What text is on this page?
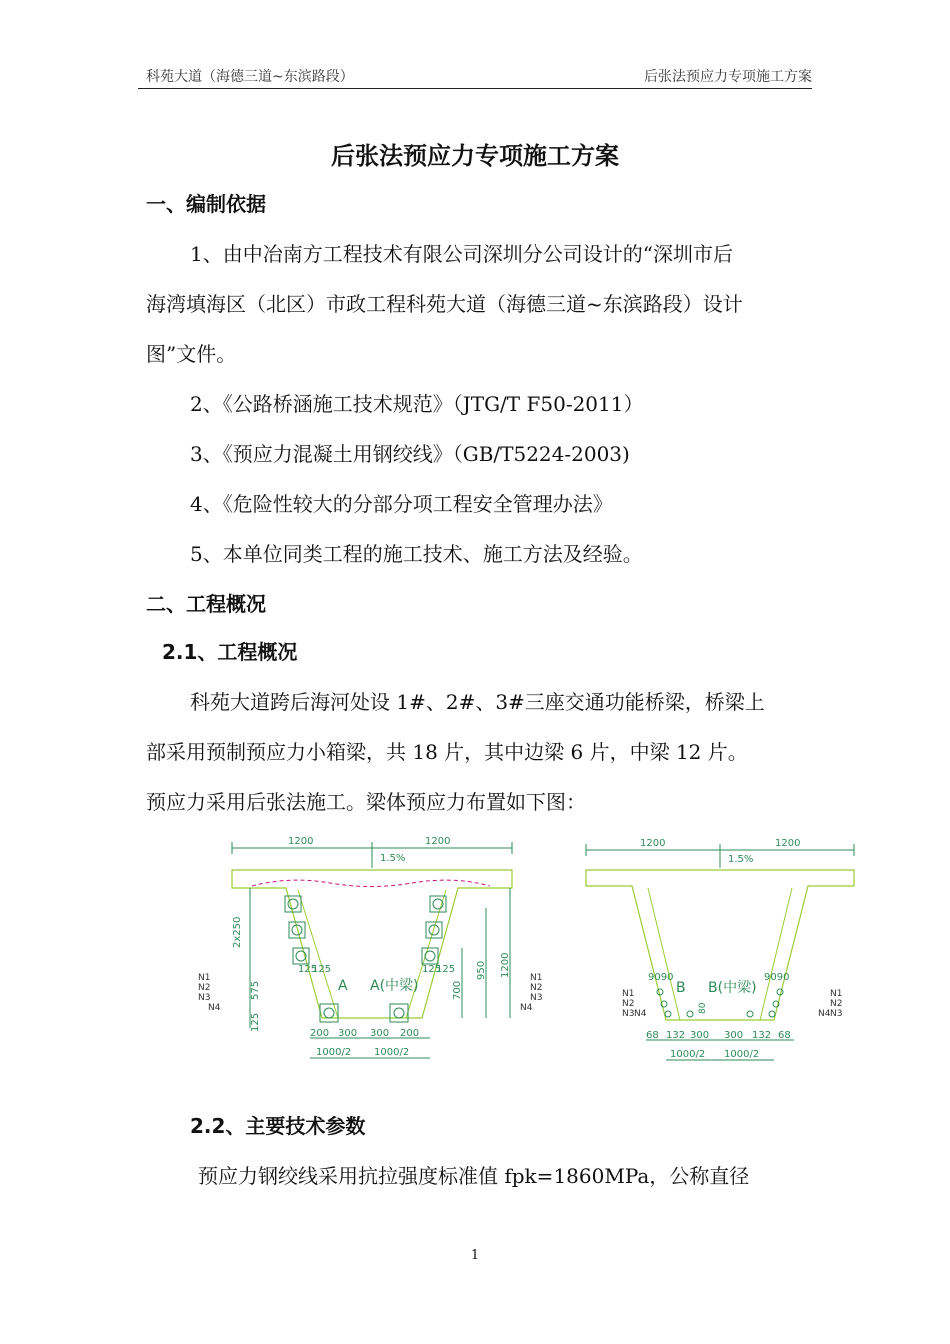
科苑大道（海德三道~东滨路段）	后张法预应力专项施工方案
后张法预应力专项施工方案
一、编制依据
1、由中冶南方工程技术有限公司深圳分公司设计的“深圳市后
海湾填海区（北区）市政工程科苑大道（海德三道~东滨路段）设计
图”文件。
2、《公路桥涵施工技术规范》（JTG/T F50-2011）
3、《预应力混凝土用钢绞线》（GB/T5224-2003)
4、《危险性较大的分部分项工程安全管理办法》
5、本单位同类工程的施工技术、施工方法及经验。
二、工程概况
2.1、工程概况
科苑大道跨后海河处设 1#、2#、3#三座交通功能桥梁，桥梁上
部采用预制预应力小箱梁，共 18 片，其中边梁 6 片，中梁 12 片。
预应力采用后张法施工。梁体预应力布置如下图：
1200	1200
1.5%
2x250
575
125
125
125	125
125
A A(中梁)	700
950 1200
200 300 300 200
1000/2 1000/2
N1
N2
N3
N4
N1
N2
N3
N4
1200	1200
1.5%
9090	9090
B B(中梁)
80
68 132 300 300 132 68
1000/2 1000/2
N1
N2
N3 N4
N1
N2
N3
N4
2.2、主要技术参数
预应力钢绞线采用抗拉强度标准值 fpk=1860MPa，公称直径
1
